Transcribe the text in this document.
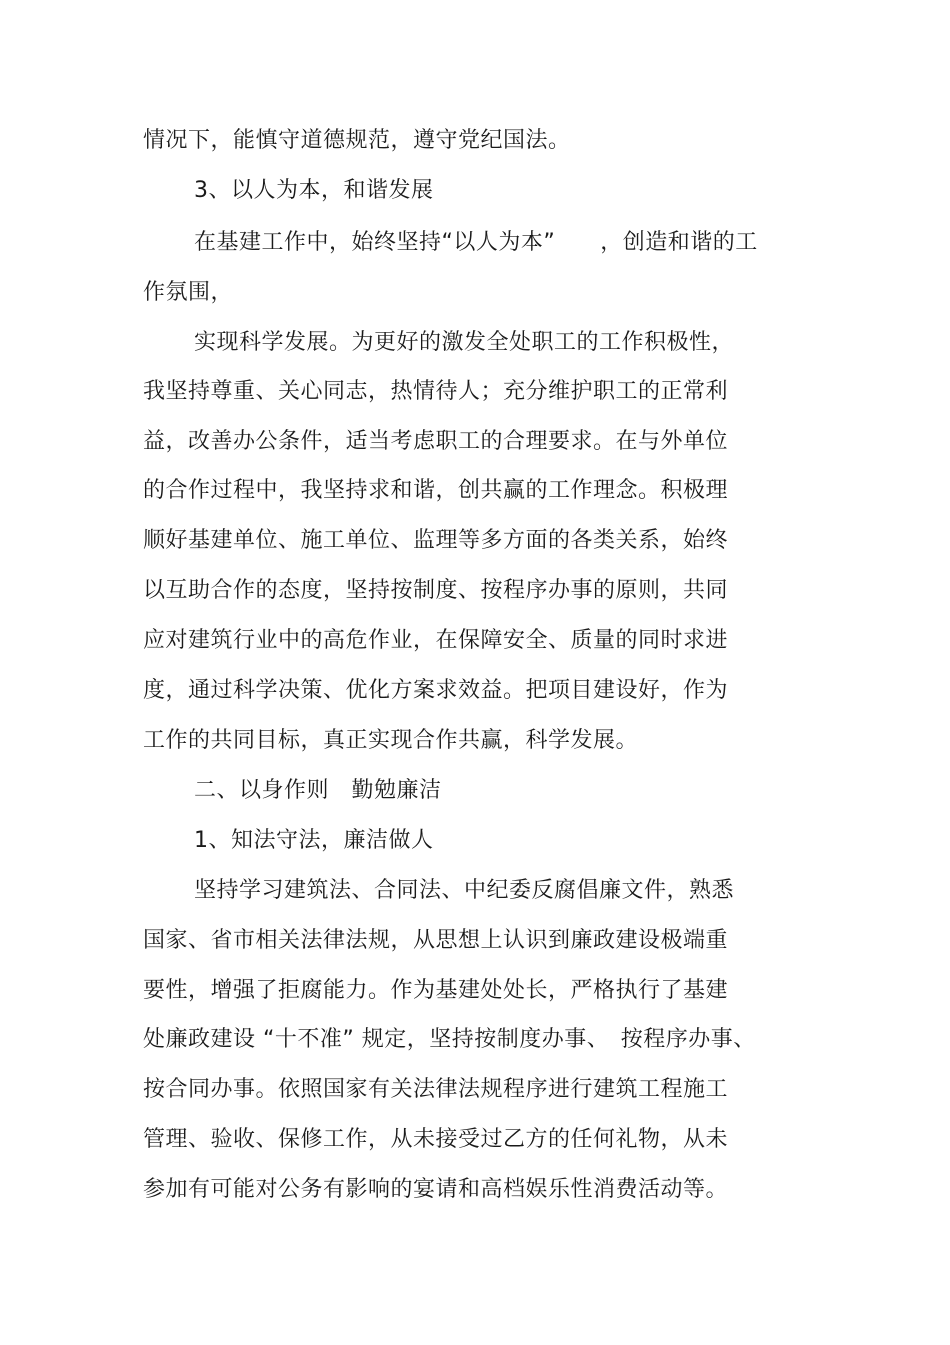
情况下，能慎守道德规范，遵守党纪国法。
3、以人为本，和谐发展
在基建工作中，始终坚持“以人为本”　　，创造和谐的工
作氛围，
实现科学发展。为更好的激发全处职工的工作积极性，
我坚持尊重、关心同志，热情待人；充分维护职工的正常利
益，改善办公条件，适当考虑职工的合理要求。在与外单位
的合作过程中，我坚持求和谐，创共赢的工作理念。积极理
顺好基建单位、施工单位、监理等多方面的各类关系，始终
以互助合作的态度，坚持按制度、按程序办事的原则，共同
应对建筑行业中的高危作业，在保障安全、质量的同时求进
度，通过科学决策、优化方案求效益。把项目建设好，作为
工作的共同目标，真正实现合作共赢，科学发展。
二、以身作则　勤勉廉洁
1、知法守法，廉洁做人
坚持学习建筑法、合同法、中纪委反腐倡廉文件，熟悉
国家、省市相关法律法规，从思想上认识到廉政建设极端重
要性，增强了拒腐能力。作为基建处处长，严格执行了基建
处廉政建设 “十不准” 规定，坚持按制度办事、　按程序办事、
按合同办事。依照国家有关法律法规程序进行建筑工程施工
管理、验收、保修工作，从未接受过乙方的任何礼物，从未
参加有可能对公务有影响的宴请和高档娱乐性消费活动等。
